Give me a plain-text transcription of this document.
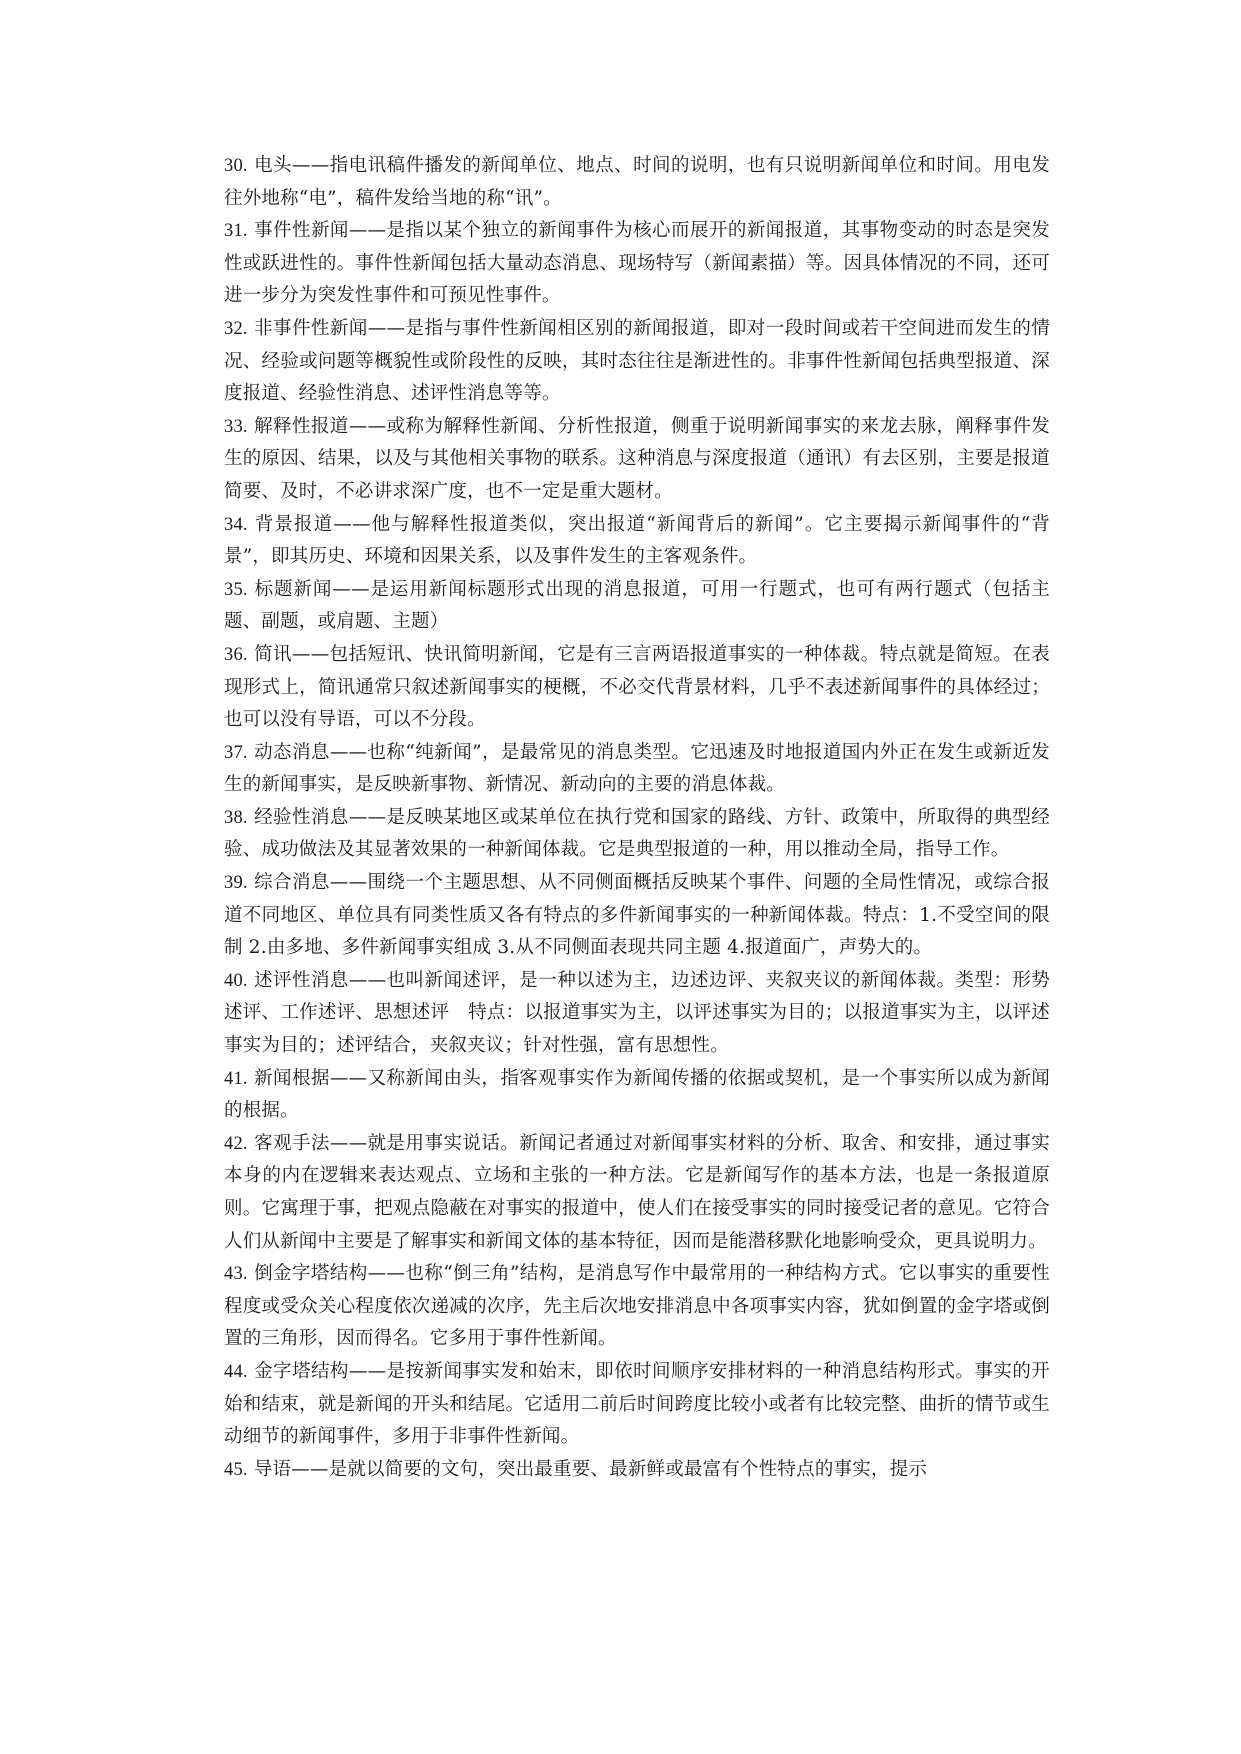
30. 电头——指电讯稿件播发的新闻单位、地点、时间的说明，也有只说明新闻单位和时间。用电发往外地称“电”，稿件发给当地的称“讯”。

31. 事件性新闻——是指以某个独立的新闻事件为核心而展开的新闻报道，其事物变动的时态是突发性或跃进性的。事件性新闻包括大量动态消息、现场特写（新闻素描）等。因具体情况的不同，还可进一步分为突发性事件和可预见性事件。

32. 非事件性新闻——是指与事件性新闻相区别的新闻报道，即对一段时间或若干空间进而发生的情况、经验或问题等概貌性或阶段性的反映，其时态往往是渐进性的。非事件性新闻包括典型报道、深度报道、经验性消息、述评性消息等等。

33. 解释性报道——或称为解释性新闻、分析性报道，侧重于说明新闻事实的来龙去脉，阐释事件发生的原因、结果，以及与其他相关事物的联系。这种消息与深度报道（通讯）有去区别，主要是报道简要、及时，不必讲求深广度，也不一定是重大题材。

34. 背景报道——他与解释性报道类似，突出报道“新闻背后的新闻”。它主要揭示新闻事件的“背景”，即其历史、环境和因果关系，以及事件发生的主客观条件。

35. 标题新闻——是运用新闻标题形式出现的消息报道，可用一行题式，也可有两行题式（包括主题、副题，或肩题、主题）

36. 简讯——包括短讯、快讯简明新闻，它是有三言两语报道事实的一种体裁。特点就是简短。在表现形式上，简讯通常只叙述新闻事实的梗概，不必交代背景材料，几乎不表述新闻事件的具体经过；也可以没有导语，可以不分段。

37. 动态消息——也称“纯新闻”，是最常见的消息类型。它迅速及时地报道国内外正在发生或新近发生的新闻事实，是反映新事物、新情况、新动向的主要的消息体裁。

38. 经验性消息——是反映某地区或某单位在执行党和国家的路线、方针、政策中，所取得的典型经验、成功做法及其显著效果的一种新闻体裁。它是典型报道的一种，用以推动全局，指导工作。

39. 综合消息——围绕一个主题思想、从不同侧面概括反映某个事件、问题的全局性情况，或综合报道不同地区、单位具有同类性质又各有特点的多件新闻事实的一种新闻体裁。特点：1.不受空间的限制 2.由多地、多件新闻事实组成 3.从不同侧面表现共同主题 4.报道面广，声势大的。

40. 述评性消息——也叫新闻述评，是一种以述为主，边述边评、夹叙夹议的新闻体裁。类型：形势述评、工作述评、思想述评　特点：以报道事实为主，以评述事实为目的；以报道事实为主，以评述事实为目的；述评结合，夹叙夹议；针对性强，富有思想性。

41. 新闻根据——又称新闻由头，指客观事实作为新闻传播的依据或契机，是一个事实所以成为新闻的根据。

42. 客观手法——就是用事实说话。新闻记者通过对新闻事实材料的分析、取舍、和安排，通过事实本身的内在逻辑来表达观点、立场和主张的一种方法。它是新闻写作的基本方法，也是一条报道原则。它寓理于事，把观点隐蔽在对事实的报道中，使人们在接受事实的同时接受记者的意见。它符合人们从新闻中主要是了解事实和新闻文体的基本特征，因而是能潜移默化地影响受众，更具说明力。

43. 倒金字塔结构——也称“倒三角”结构，是消息写作中最常用的一种结构方式。它以事实的重要性程度或受众关心程度依次递减的次序，先主后次地安排消息中各项事实内容，犹如倒置的金字塔或倒置的三角形，因而得名。它多用于事件性新闻。

44. 金字塔结构——是按新闻事实发和始末，即依时间顺序安排材料的一种消息结构形式。事实的开始和结束，就是新闻的开头和结尾。它适用二前后时间跨度比较小或者有比较完整、曲折的情节或生动细节的新闻事件，多用于非事件性新闻。

45. 导语——是就以简要的文句，突出最重要、最新鲜或最富有个性特点的事实，提示
